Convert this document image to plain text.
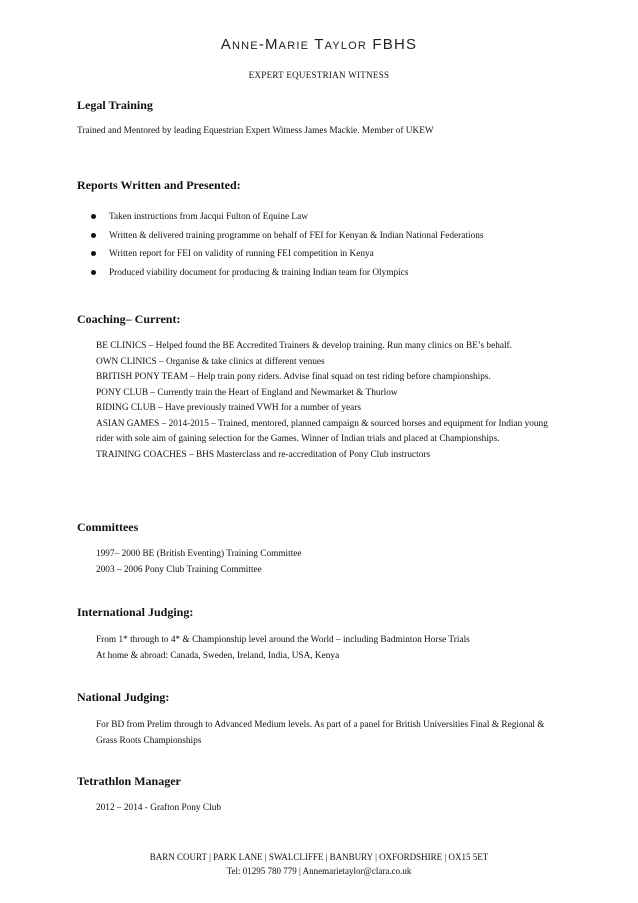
Anne-Marie Taylor FBHS
EXPERT EQUESTRIAN WITNESS
Legal Training

Trained and Mentored by leading Equestrian Expert Witness James Mackie. Member of UKEW

Reports Written and Presented:
Taken instructions from Jacqui Fulton of Equine Law
Written & delivered training programme on behalf of FEI for Kenyan & Indian National Federations
Written report for FEI on validity of running FEI competition in Kenya
Produced viability document for producing & training Indian team for Olympics
Coaching– Current:

BE CLINICS – Helped found the BE Accredited Trainers & develop training. Run many clinics on BE’s behalf.

OWN CLINICS – Organise & take clinics at different venues

BRITISH PONY TEAM – Help train pony riders. Advise final squad on test riding before championships.

PONY CLUB – Currently train the Heart of England and Newmarket & Thurlow

RIDING CLUB – Have previously trained VWH for a number of years

ASIAN GAMES – 2014-2015 – Trained, mentored, planned campaign & sourced horses and equipment for Indian young rider with sole aim of gaining selection for the Games. Winner of Indian trials and placed at Championships.

TRAINING COACHES – BHS Masterclass and re-accreditation of Pony Club instructors

Committees

1997– 2000 BE (British Eventing) Training Committee

2003 – 2006 Pony Club Training Committee

International Judging:

From 1* through to 4* & Championship level around the World – including Badminton Horse Trials

At home & abroad: Canada, Sweden, Ireland, India, USA, Kenya

National Judging:

For BD from Prelim through to Advanced Medium levels. As part of a panel for British Universities Final & Regional & Grass Roots Championships

Tetrathlon Manager

2012 – 2014 - Grafton Pony Club

BARN COURT | PARK LANE | SWALCLIFFE | BANBURY | OXFORDSHIRE | OX15 5ET
Tel: 01295 780 779 | Annemarietaylor@clara.co.uk
